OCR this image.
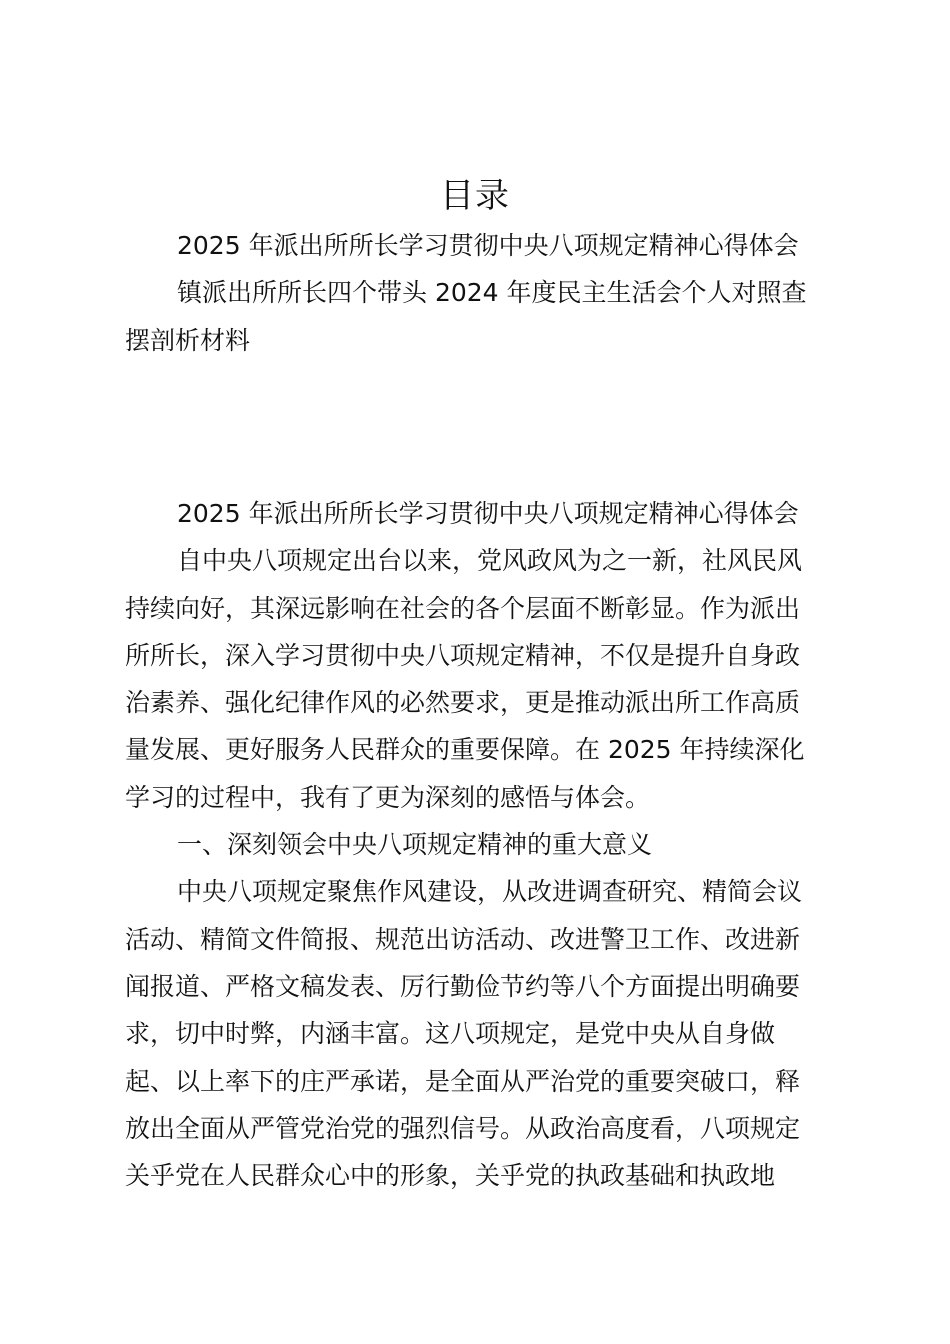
目录
2025 年派出所所长学习贯彻中央八项规定精神心得体会
镇派出所所长四个带头 2024 年度民主生活会个人对照查
摆剖析材料
2025 年派出所所长学习贯彻中央八项规定精神心得体会
自中央八项规定出台以来，党风政风为之一新，社风民风
持续向好，其深远影响在社会的各个层面不断彰显。作为派出
所所长，深入学习贯彻中央八项规定精神，不仅是提升自身政
治素养、强化纪律作风的必然要求，更是推动派出所工作高质
量发展、更好服务人民群众的重要保障。在 2025 年持续深化
学习的过程中，我有了更为深刻的感悟与体会。
一、深刻领会中央八项规定精神的重大意义
中央八项规定聚焦作风建设，从改进调查研究、精简会议
活动、精简文件简报、规范出访活动、改进警卫工作、改进新
闻报道、严格文稿发表、厉行勤俭节约等八个方面提出明确要
求，切中时弊，内涵丰富。这八项规定，是党中央从自身做
起、以上率下的庄严承诺，是全面从严治党的重要突破口，释
放出全面从严管党治党的强烈信号。从政治高度看，八项规定
关乎党在人民群众心中的形象，关乎党的执政基础和执政地
